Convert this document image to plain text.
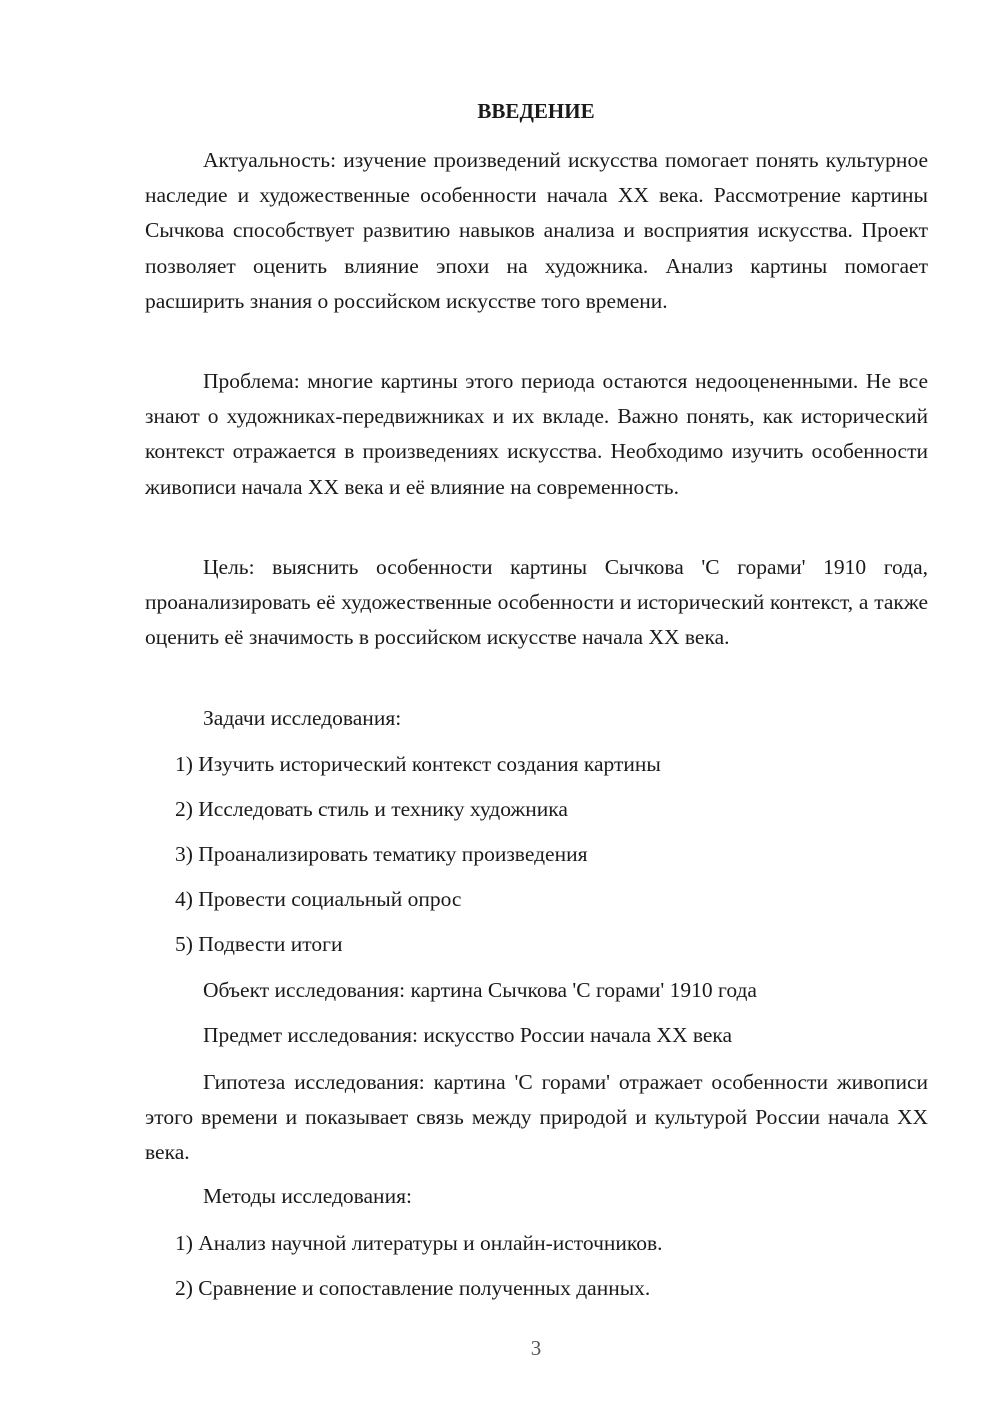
ВВЕДЕНИЕ
Актуальность: изучение произведений искусства помогает понять культурное наследие и художественные особенности начала XX века. Рассмотрение картины Сычкова способствует развитию навыков анализа и восприятия искусства. Проект позволяет оценить влияние эпохи на художника. Анализ картины помогает расширить знания о российском искусстве того времени.
Проблема: многие картины этого периода остаются недооцененными. Не все знают о художниках-передвижниках и их вкладе. Важно понять, как исторический контекст отражается в произведениях искусства. Необходимо изучить особенности живописи начала XX века и её влияние на современность.
Цель: выяснить особенности картины Сычкова 'С горами' 1910 года, проанализировать её художественные особенности и исторический контекст, а также оценить её значимость в российском искусстве начала XX века.
Задачи исследования:
1) Изучить исторический контекст создания картины
2) Исследовать стиль и технику художника
3) Проанализировать тематику произведения
4) Провести социальный опрос
5) Подвести итоги
Объект исследования: картина Сычкова 'С горами' 1910 года
Предмет исследования: искусство России начала XX века
Гипотеза исследования: картина 'С горами' отражает особенности живописи этого времени и показывает связь между природой и культурой России начала XX века.
Методы исследования:
1) Анализ научной литературы и онлайн-источников.
2) Сравнение и сопоставление полученных данных.
3
